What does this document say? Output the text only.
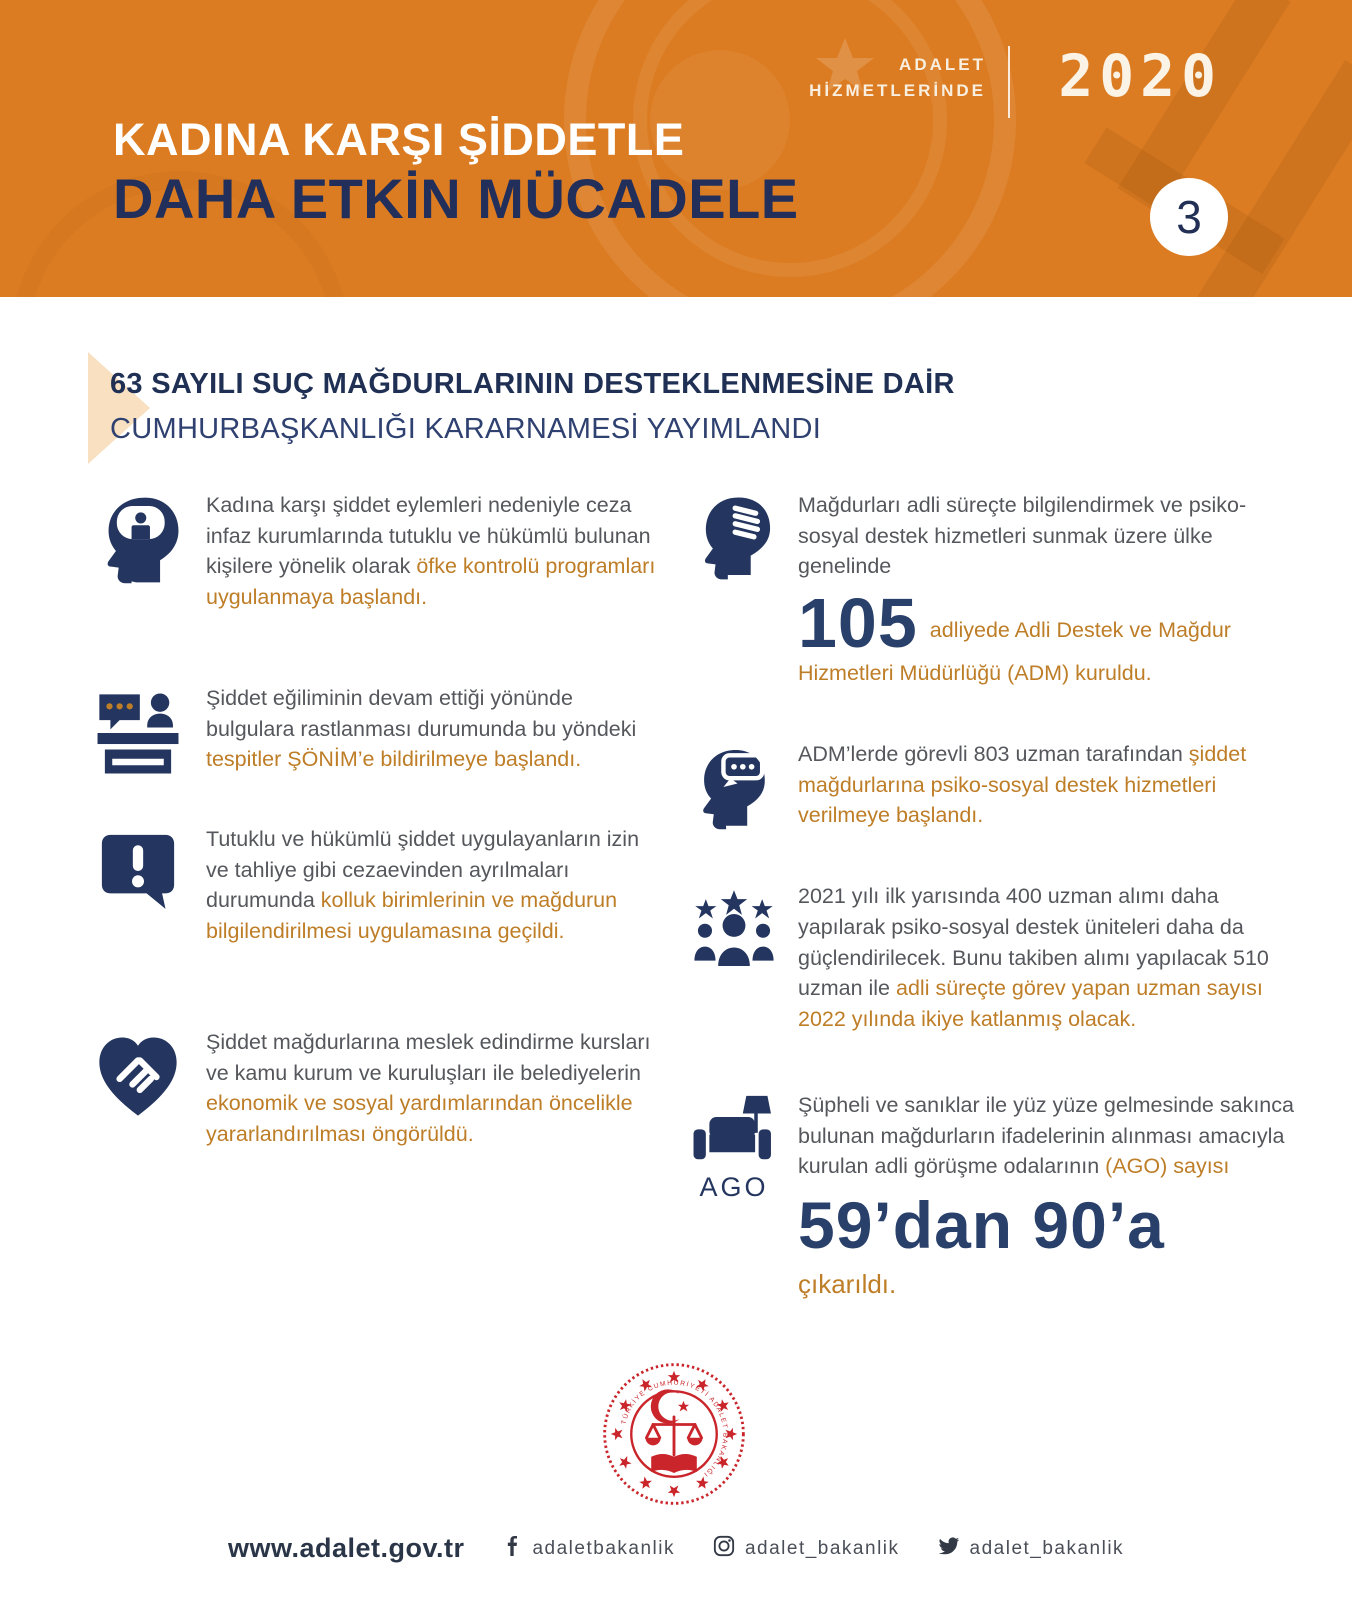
ADALET
HİZMETLERİNDE 2020
KADINA KARŞI ŞİDDETLE
DAHA ETKİN MÜCADELE	3
63 SAYILI SUÇ MAĞDURLARININ DESTEKLENMESİNE DAİR
CUMHURBAŞKANLIĞI KARARNAMESİ YAYIMLANDI

Kadına karşı şiddet eylemleri nedeniyle ceza infaz kurumlarında tutuklu ve hükümlü bulunan kişilere yönelik olarak öfke kontrolü programları uygulanmaya başlandı.

Şiddet eğiliminin devam ettiği yönünde bulgulara rastlanması durumunda bu yöndeki tespitler ŞÖNİM’e bildirilmeye başlandı.

Tutuklu ve hükümlü şiddet uygulayanların izin ve tahliye gibi cezaevinden ayrılmaları durumunda kolluk birimlerinin ve mağdurun bilgilendirilmesi uygulamasına geçildi.

Şiddet mağdurlarına meslek edindirme kursları ve kamu kurum ve kuruluşları ile belediyelerin ekonomik ve sosyal yardımlarından öncelikle yararlandırılması öngörüldü.

Mağdurları adli süreçte bilgilendirmek ve psiko-sosyal destek hizmetleri sunmak üzere ülke genelinde

105 adliyede Adli Destek ve Mağdur Hizmetleri Müdürlüğü (ADM) kuruldu.

ADM’lerde görevli 803 uzman tarafından şiddet mağdurlarına psiko-sosyal destek hizmetleri verilmeye başlandı.

2021 yılı ilk yarısında 400 uzman alımı daha yapılarak psiko-sosyal destek üniteleri daha da güçlendirilecek. Bunu takiben alımı yapılacak 510 uzman ile adli süreçte görev yapan uzman sayısı 2022 yılında ikiye katlanmış olacak.

AGO

Şüpheli ve sanıklar ile yüz yüze gelmesinde sakınca bulunan mağdurların ifadelerinin alınması amacıyla kurulan adli görüşme odalarının (AGO) sayısı

59’dan 90’a
çıkarıldı.
TÜRKİYE CUMHURİYETİ ADALET BAKANLIĞI
www.adalet.gov.tr	adaletbakanlik	adalet_bakanlik	adalet_bakanlik
